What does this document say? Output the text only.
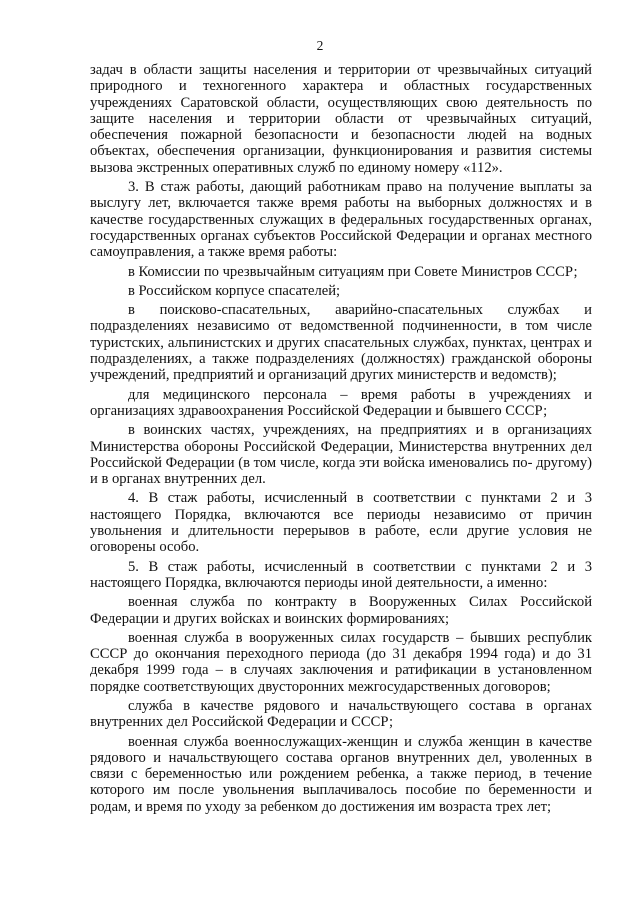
2

задач в области защиты населения и территории от чрезвычайных ситуаций природного и техногенного характера и областных государственных учреждениях Саратовской области, осуществляющих свою деятельность по защите населения и территории области от чрезвычайных ситуаций, обеспечения пожарной безопасности и безопасности людей на водных объектах, обеспечения организации, функционирования и развития системы вызова экстренных оперативных служб по единому номеру «112».

3. В стаж работы, дающий работникам право на получение выплаты за выслугу лет, включается также время работы на выборных должностях и в качестве государственных служащих в федеральных государственных органах, государственных органах субъектов Российской Федерации и органах местного самоуправления, а также время работы:

в Комиссии по чрезвычайным ситуациям при Совете Министров СССР;

в Российском корпусе спасателей;

в поисково-спасательных, аварийно-спасательных службах и подразделениях независимо от ведомственной подчиненности, в том числе туристских, альпинистских и других спасательных службах, пунктах, центрах и подразделениях, а также подразделениях (должностях) гражданской обороны учреждений, предприятий и организаций других министерств и ведомств);

для медицинского персонала – время работы в учреждениях и организациях здравоохранения Российской Федерации и бывшего СССР;

в воинских частях, учреждениях, на предприятиях и в организациях Министерства обороны Российской Федерации, Министерства внутренних дел Российской Федерации (в том числе, когда эти войска именовались по- другому) и в органах внутренних дел.

4. В стаж работы, исчисленный в соответствии с пунктами 2 и 3 настоящего Порядка, включаются все периоды независимо от причин увольнения и длительности перерывов в работе, если другие условия не оговорены особо.

5. В стаж работы, исчисленный в соответствии с пунктами 2 и 3 настоящего Порядка, включаются периоды иной деятельности, а именно:

военная служба по контракту в Вооруженных Силах Российской Федерации и других войсках и воинских формированиях;

военная служба в вооруженных силах государств – бывших республик СССР до окончания переходного периода (до 31 декабря 1994 года) и до 31 декабря 1999 года – в случаях заключения и ратификации в установленном порядке соответствующих двусторонних межгосударственных договоров;

служба в качестве рядового и начальствующего состава в органах внутренних дел Российской Федерации и СССР;

военная служба военнослужащих-женщин и служба женщин в качестве рядового и начальствующего состава органов внутренних дел, уволенных в связи с беременностью или рождением ребенка, а также период, в течение которого им после увольнения выплачивалось пособие по беременности и родам, и время по уходу за ребенком до достижения им возраста трех лет;
